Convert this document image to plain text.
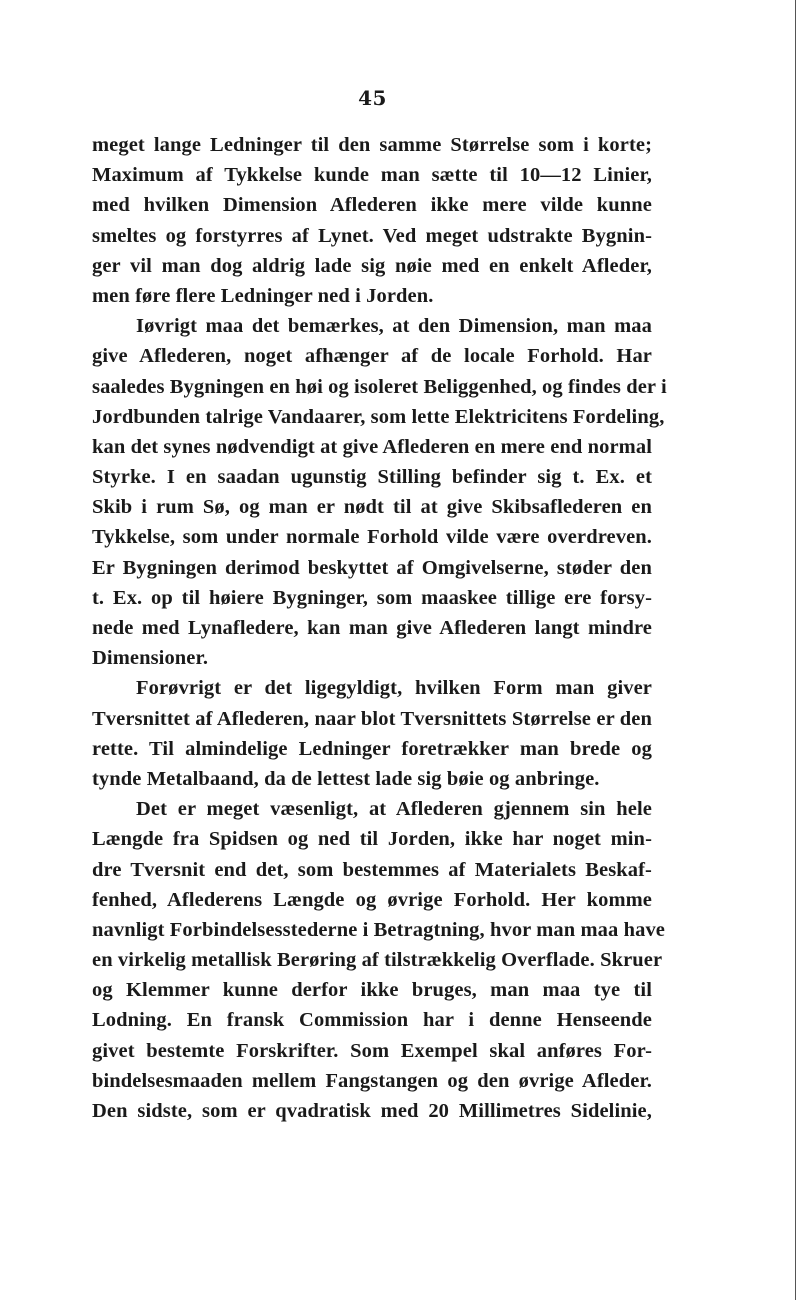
45
meget lange Ledninger til den samme Størrelse som i korte;
Maximum af Tykkelse kunde man sætte til 10—12 Linier,
med hvilken Dimension Aflederen ikke mere vilde kunne
smeltes og forstyrres af Lynet. Ved meget udstrakte Bygnin-
ger vil man dog aldrig lade sig nøie med en enkelt Afleder,
men føre flere Ledninger ned i Jorden.
Iøvrigt maa det bemærkes, at den Dimension, man maa
give Aflederen, noget afhænger af de locale Forhold. Har
saaledes Bygningen en høi og isoleret Beliggenhed, og findes der i
Jordbunden talrige Vandaarer, som lette Elektricitens Fordeling,
kan det synes nødvendigt at give Aflederen en mere end normal
Styrke. I en saadan ugunstig Stilling befinder sig t. Ex. et
Skib i rum Sø, og man er nødt til at give Skibsaflederen en
Tykkelse, som under normale Forhold vilde være overdreven.
Er Bygningen derimod beskyttet af Omgivelserne, støder den
t. Ex. op til høiere Bygninger, som maaskee tillige ere forsy-
nede med Lynafledere, kan man give Aflederen langt mindre
Dimensioner.
Forøvrigt er det ligegyldigt, hvilken Form man giver
Tversnittet af Aflederen, naar blot Tversnittets Størrelse er den
rette. Til almindelige Ledninger foretrækker man brede og
tynde Metalbaand, da de lettest lade sig bøie og anbringe.
Det er meget væsenligt, at Aflederen gjennem sin hele
Længde fra Spidsen og ned til Jorden, ikke har noget min-
dre Tversnit end det, som bestemmes af Materialets Beskaf-
fenhed, Aflederens Længde og øvrige Forhold. Her komme
navnligt Forbindelsesstederne i Betragtning, hvor man maa have
en virkelig metallisk Berøring af tilstrækkelig Overflade. Skruer
og Klemmer kunne derfor ikke bruges, man maa tye til
Lodning. En fransk Commission har i denne Henseende
givet bestemte Forskrifter. Som Exempel skal anføres For-
bindelsesmaaden mellem Fangstangen og den øvrige Afleder.
Den sidste, som er qvadratisk med 20 Millimetres Sidelinie,
